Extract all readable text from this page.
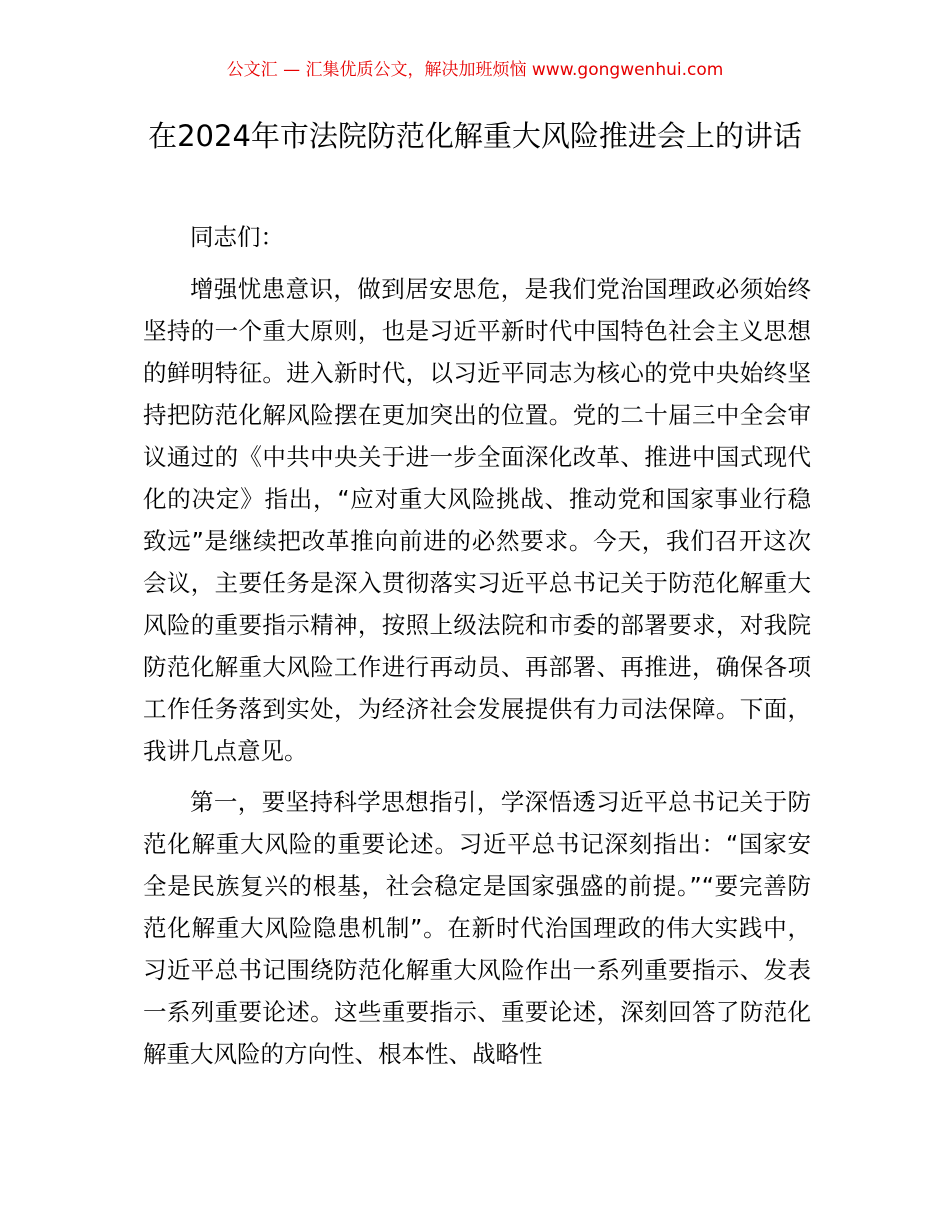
公文汇 — 汇集优质公文，解决加班烦恼 www.gongwenhui.com
在2024年市法院防范化解重大风险推进会上的讲话

同志们：

增强忧患意识，做到居安思危，是我们党治国理政必须始终坚持的一个重大原则，也是习近平新时代中国特色社会主义思想的鲜明特征。进入新时代，以习近平同志为核心的党中央始终坚持把防范化解风险摆在更加突出的位置。党的二十届三中全会审议通过的《中共中央关于进一步全面深化改革、推进中国式现代化的决定》指出，“应对重大风险挑战、推动党和国家事业行稳致远”是继续把改革推向前进的必然要求。今天，我们召开这次会议，主要任务是深入贯彻落实习近平总书记关于防范化解重大风险的重要指示精神，按照上级法院和市委的部署要求，对我院防范化解重大风险工作进行再动员、再部署、再推进，确保各项工作任务落到实处，为经济社会发展提供有力司法保障。下面，我讲几点意见。

第一，要坚持科学思想指引，学深悟透习近平总书记关于防范化解重大风险的重要论述。习近平总书记深刻指出：“国家安全是民族复兴的根基，社会稳定是国家强盛的前提。”“要完善防范化解重大风险隐患机制”。在新时代治国理政的伟大实践中，习近平总书记围绕防范化解重大风险作出一系列重要指示、发表一系列重要论述。这些重要指示、重要论述，深刻回答了防范化解重大风险的方向性、根本性、战略性
